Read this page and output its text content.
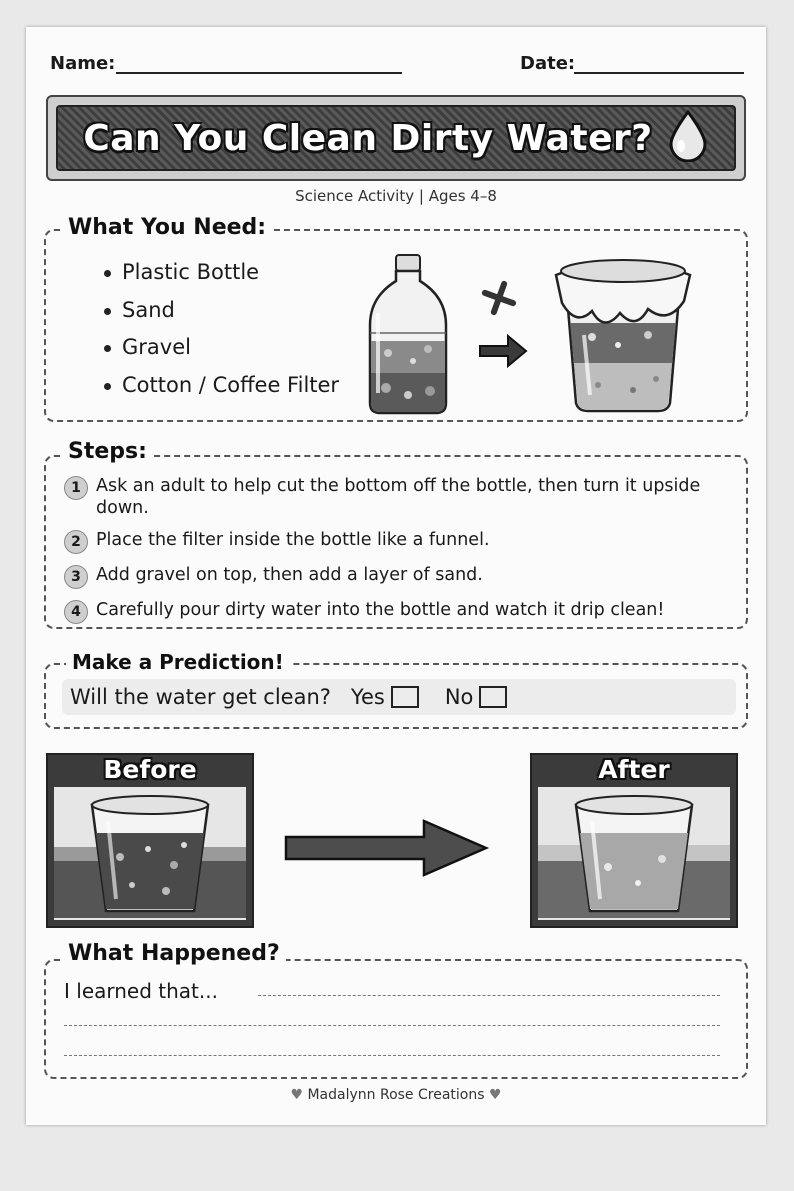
Name:	Date:
Can You Clean Dirty Water?
Science Activity | Ages 4–8
What You Need:
Plastic Bottle
Sand
Gravel
Cotton / Coffee Filter
Steps:
1 Ask an adult to help cut the bottom off the bottle, then turn it upside down.
2 Place the filter inside the bottle like a funnel.
3 Add gravel on top, then add a layer of sand.
4 Carefully pour dirty water into the bottle and watch it drip clean!
Make a Prediction!
Will the water get clean? Yes	No
Before	After
What Happened?
I learned that...
♥ Madalynn Rose Creations ♥
